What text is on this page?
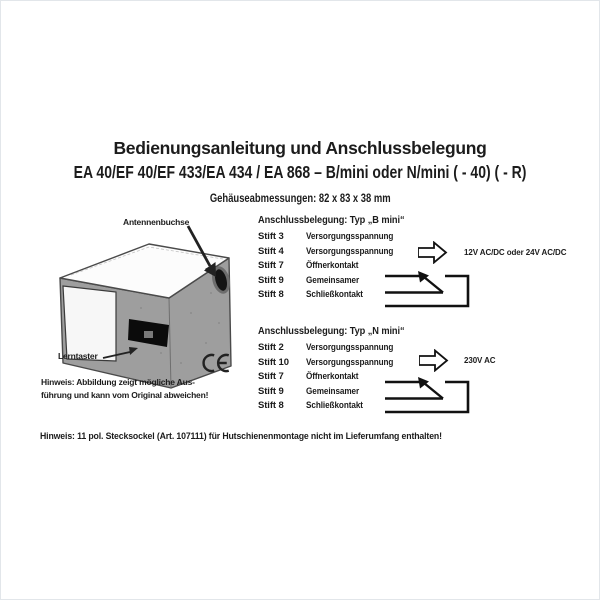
Bedienungsanleitung und Anschlussbelegung
EA 40/EF 40/EF 433/EA 434 / EA 868 – B/mini oder N/mini ( - 40) ( - R)
Gehäuseabmessungen: 82 x 83 x 38 mm
Antennenbuchse
Lerntaster
Hinweis: Abbildung zeigt mögliche Aus-
führung und kann vom Original abweichen!
Anschlussbelegung: Typ „B mini“
Stift 3	Versorgungsspannung
Stift 4	Versorgungsspannung
Stift 7	Öffnerkontakt
Stift 9	Gemeinsamer
Stift 8	Schließkontakt
12V AC/DC oder 24V AC/DC
Anschlussbelegung: Typ „N mini“
Stift 2	Versorgungsspannung
Stift 10	Versorgungsspannung
Stift 7	Öffnerkontakt
Stift 9	Gemeinsamer
Stift 8	Schließkontakt
230V AC
Hinweis: 11 pol. Stecksockel (Art. 107111) für Hutschienenmontage nicht im Lieferumfang enthalten!
